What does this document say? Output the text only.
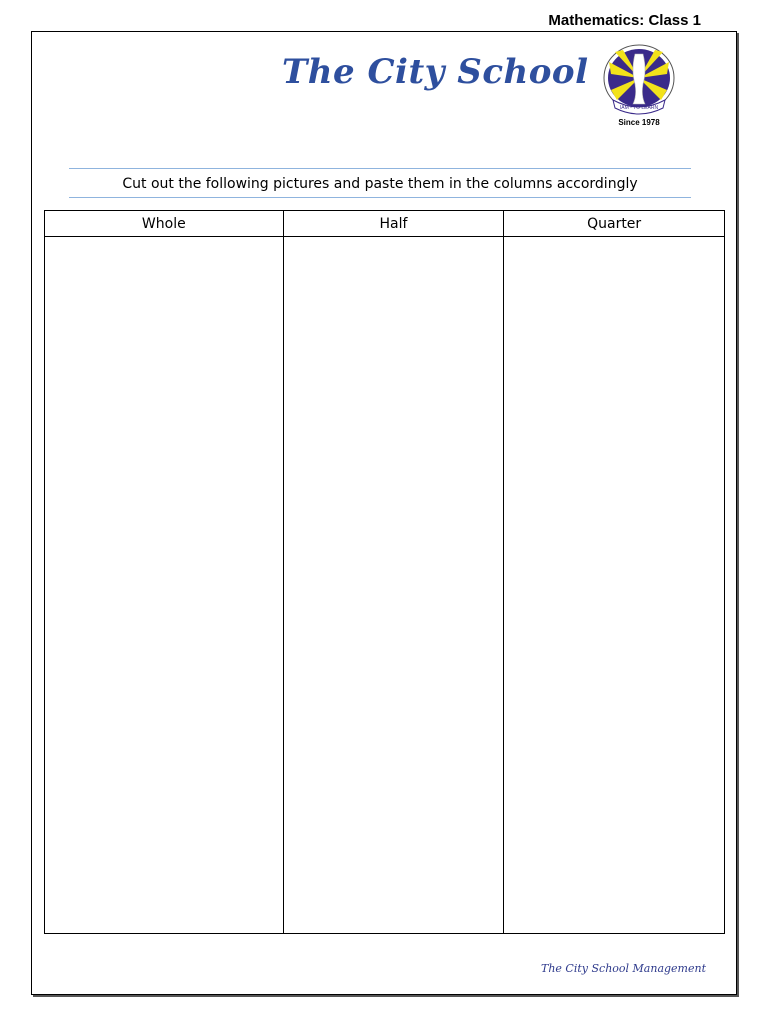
Mathematics: Class 1
The City School
IAM - TO LEARN
Since 1978
Cut out the following pictures and paste them in the columns accordingly
Whole	Half	Quarter

The City School Management
